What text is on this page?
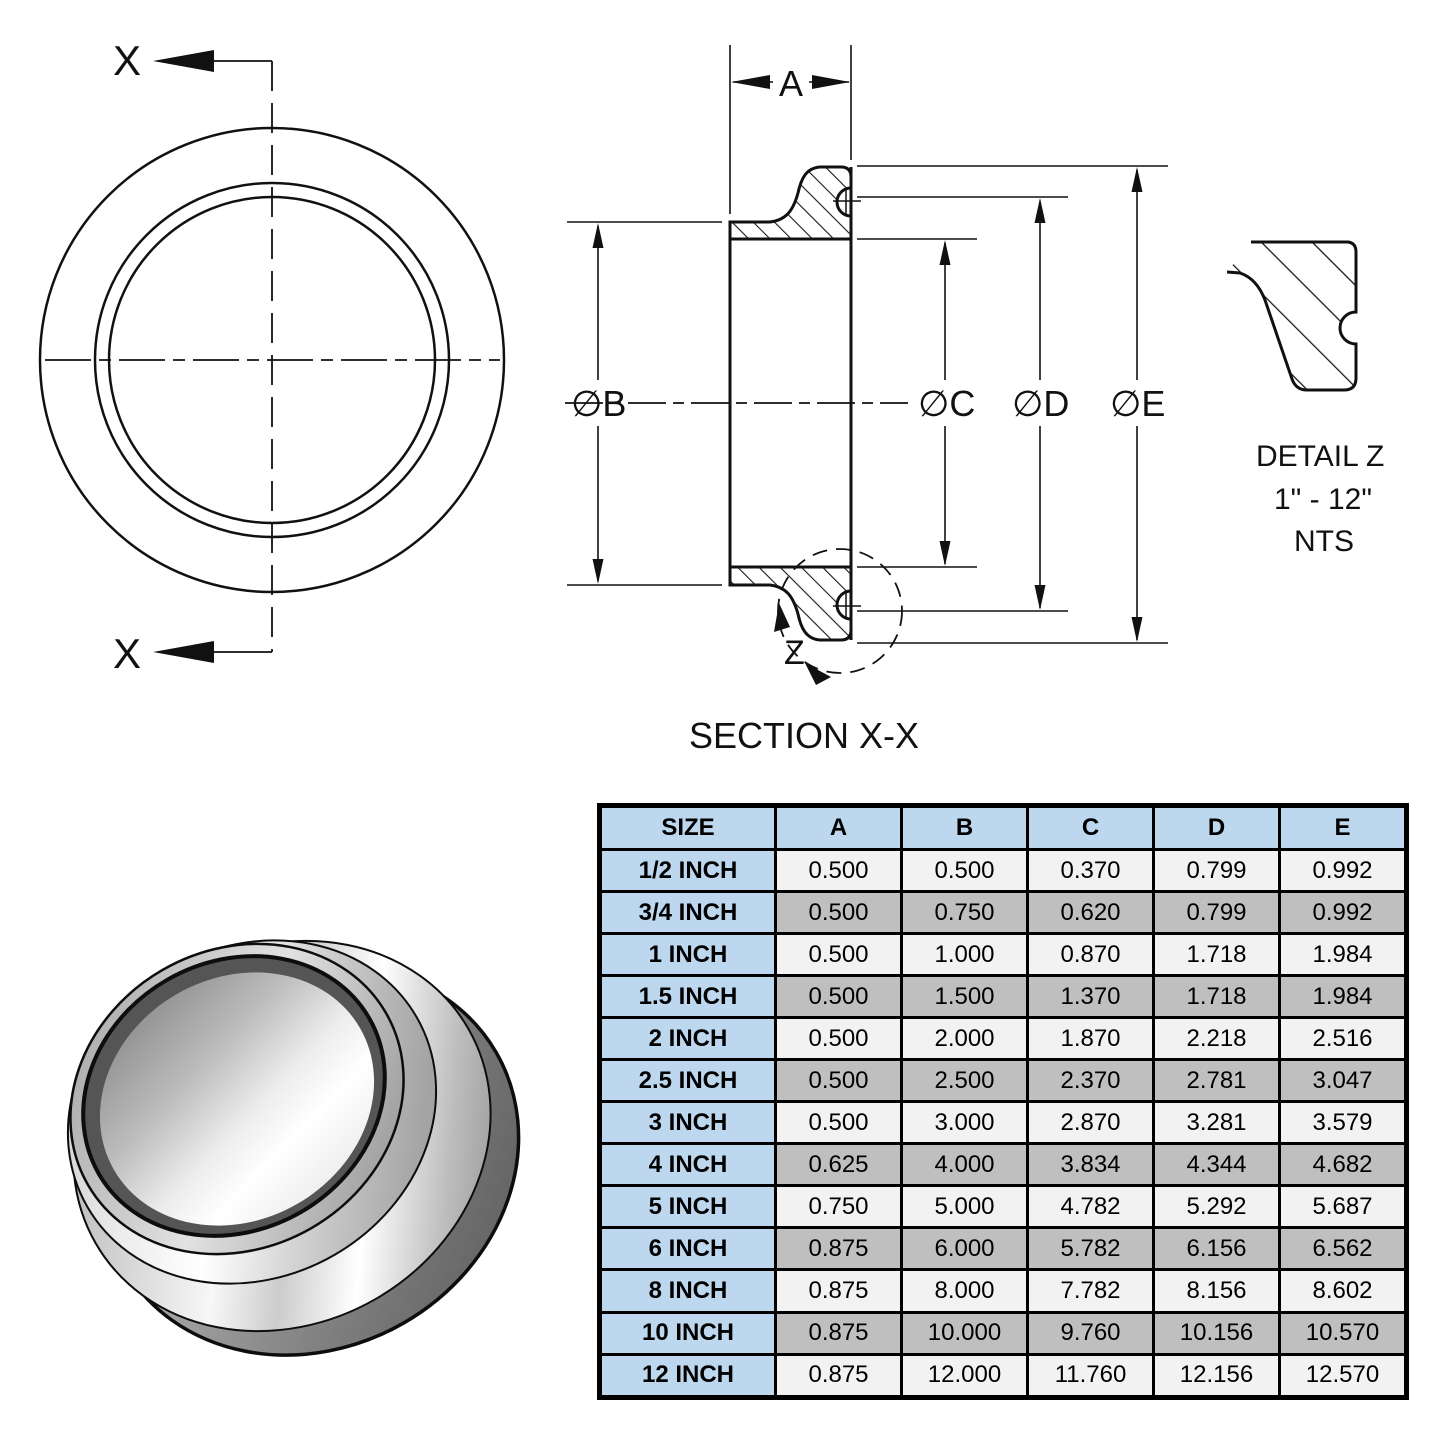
X
X
A
∅B	∅C ∅D ∅E
Z
SECTION X-X
DETAIL Z
1" - 12"
NTS
SIZE	A	B	C	D	E
1/2 INCH	0.500	0.500	0.370	0.799	0.992
3/4 INCH	0.500	0.750	0.620	0.799	0.992
1 INCH	0.500	1.000	0.870	1.718	1.984
1.5 INCH	0.500	1.500	1.370	1.718	1.984
2 INCH	0.500	2.000	1.870	2.218	2.516
2.5 INCH	0.500	2.500	2.370	2.781	3.047
3 INCH	0.500	3.000	2.870	3.281	3.579
4 INCH	0.625	4.000	3.834	4.344	4.682
5 INCH	0.750	5.000	4.782	5.292	5.687
6 INCH	0.875	6.000	5.782	6.156	6.562
8 INCH	0.875	8.000	7.782	8.156	8.602
10 INCH	0.875	10.000	9.760	10.156	10.570
12 INCH	0.875	12.000	11.760	12.156	12.570
